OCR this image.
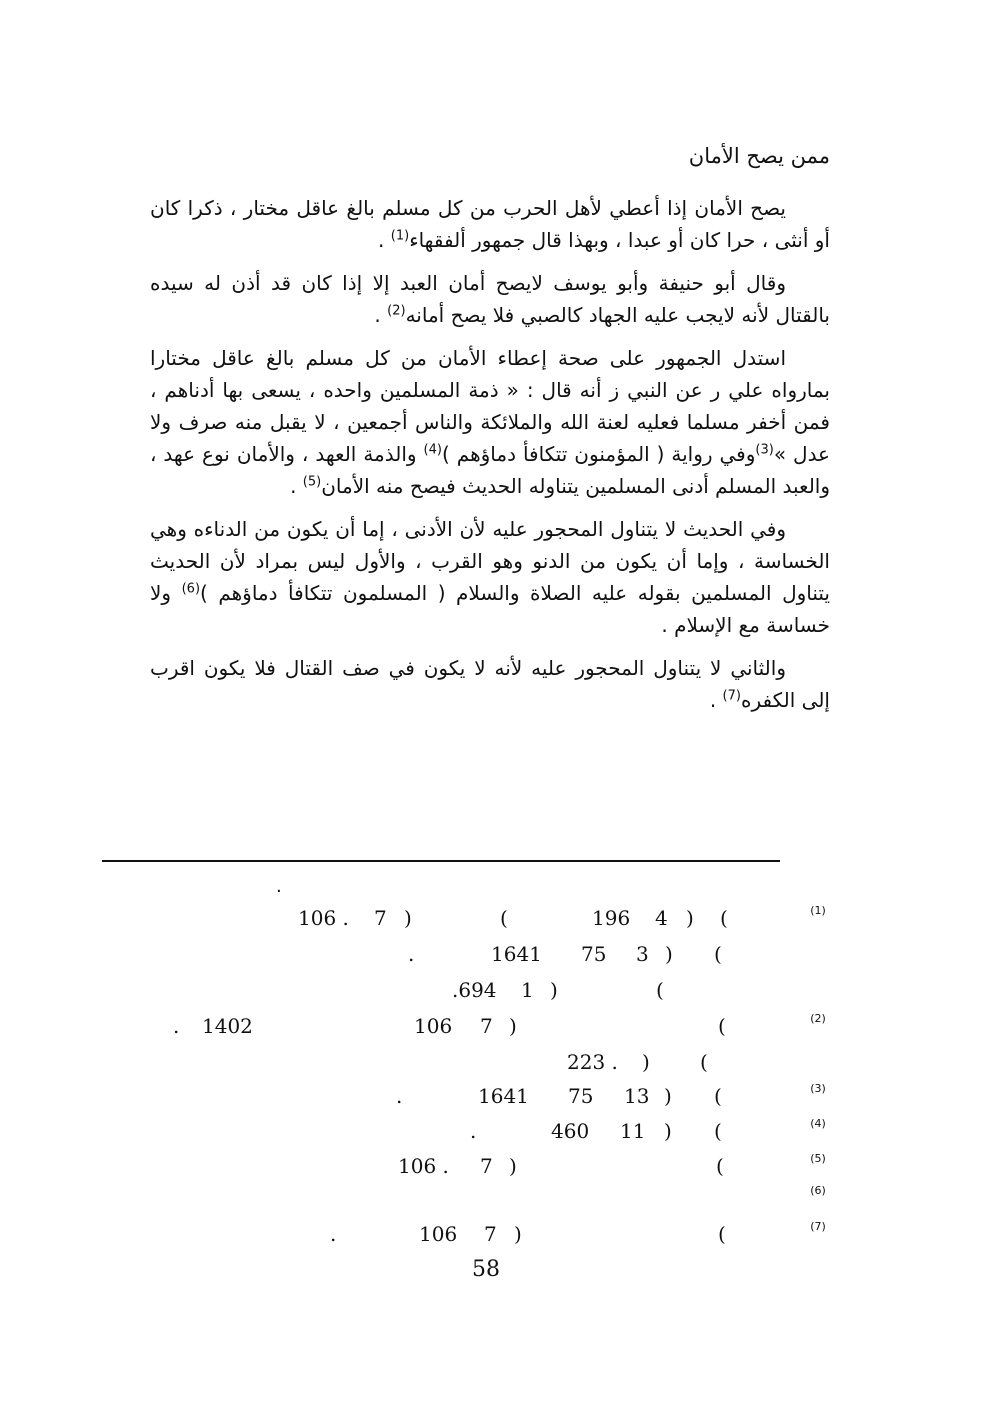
ممن يصح الأمان

يصح الأمان إذا أعطي لأهل الحرب من كل مسلم بالغ عاقل مختار ، ذكرا كان أو أنثى ، حرا كان أو عبدا ، وبهذا قال جمهور ألفقهاء$^{(1)}$ .

وقال أبو حنيفة وأبو يوسف لايصح أمان العبد إلا إذا كان قد أذن له سيده بالقتال لأنه لايجب عليه الجهاد كالصبي فلا يصح أمانه$^{(2)}$ .

استدل الجمهور على صحة إعطاء الأمان من كل مسلم بالغ عاقل مختارا بمارواه علي ر عن النبي ز أنه قال : « ذمة المسلمين واحده ، يسعى بها أدناهم ، فمن أخفر مسلما فعليه لعنة الله والملائكة والناس أجمعين ، لا يقبل منه صرف ولا عدل »$^{(3)}$وفي رواية ( المؤمنون تتكافأ دماؤهم )$^{(4)}$ والذمة العهد ، والأمان نوع عهد ، والعبد المسلم أدنى المسلمين يتناوله الحديث فيصح منه الأمان$^{(5)}$ .

وفي الحديث لا يتناول المحجور عليه لأن الأدنى ، إما أن يكون من الدناءه وهي الخساسة ، وإما أن يكون من الدنو وهو القرب ، والأول ليس بمراد لأن الحديث يتناول المسلمين بقوله عليه الصلاة والسلام ( المسلمون تتكافأ دماؤهم )$^{(6)}$ ولا خساسة مع الإسلام .

والثاني لا يتناول المحجور عليه لأنه لا يكون في صف القتال فلا يكون اقرب إلى الكفره$^{(7)}$ .

.
(1)
(
)
4
196
(
)
7
106 .
(
)
3
75
1641
.
(
)
1
.694
(2)
(
)
7
106
1402
.
(
)
223 .
(3)
(
)
13
75
1641
.
(4)
(
)
11
460
.
(5)
(
)
7
106 .
(6)
(7)
(
)
7
106
.
58
